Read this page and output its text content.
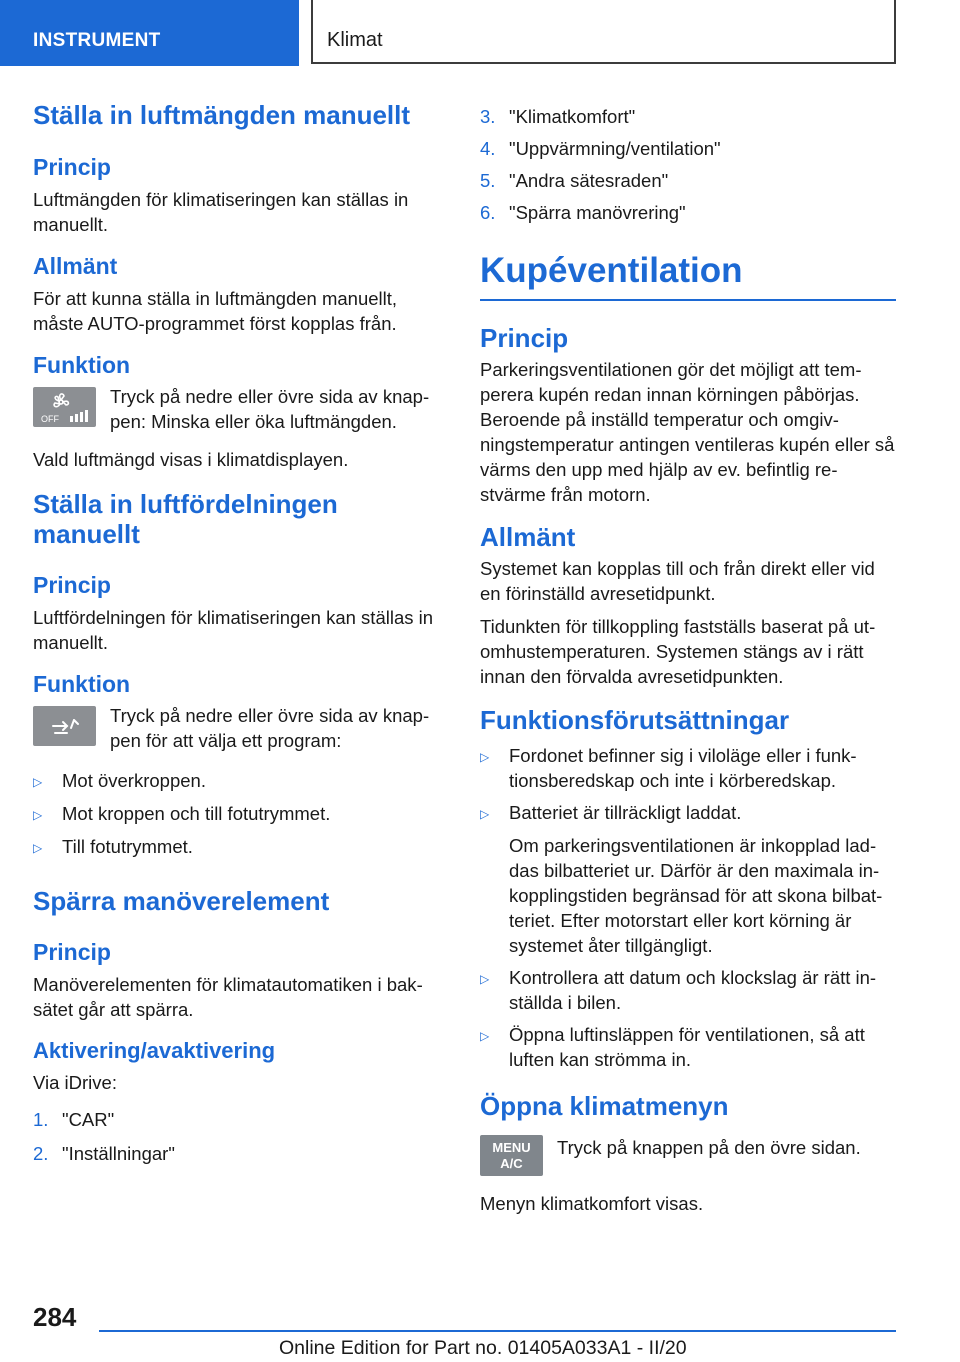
INSTRUMENT	Klimat
Ställa in luftmängden manuellt
Princip
Luftmängden för klimatiseringen kan ställas in manuellt.
Allmänt
För att kunna ställa in luftmängden manuellt, måste AUTO-programmet först kopplas från.
Funktion
OFF
Tryck på nedre eller övre sida av knappen: Minska eller öka luftmängden.
Vald luftmängd visas i klimatdisplayen.
Ställa in luftfördelningen manuellt
Princip
Luftfördelningen för klimatiseringen kan ställas in manuellt.
Funktion
Tryck på nedre eller övre sida av knappen för att välja ett program:
▷	Mot överkroppen.
▷	Mot kroppen och till fotutrymmet.
▷	Till fotutrymmet.
Spärra manöverelement
Princip
Manöverelementen för klimatautomatiken i baksätet går att spärra.
Aktivering/avaktivering
Via iDrive:
1. "CAR"
2. "Inställningar"
3. "Klimatkomfort"
4. "Uppvärmning/ventilation"
5. "Andra sätesraden"
6. "Spärra manövrering"
Kupéventilation
Princip
Parkeringsventilationen gör det möjligt att temperera kupén redan innan körningen påbörjas. Beroende på inställd temperatur och omgivningstemperatur antingen ventileras kupén eller så värms den upp med hjälp av ev. befintlig restvärme från motorn.
Allmänt
Systemet kan kopplas till och från direkt eller vid en förinställd avresetidpunkt.
Tidunkten för tillkoppling fastställs baserat på utomhustemperaturen. Systemen stängs av i rätt innan den förvalda avresetidpunkten.
Funktionsförutsättningar
▷	Fordonet befinner sig i viloläge eller i funktionsberedskap och inte i körberedskap.
▷	Batteriet är tillräckligt laddat.
Om parkeringsventilationen är inkopplad laddas bilbatteriet ur. Därför är den maximala inkopplingstiden begränsad för att skona bilbatteriet. Efter motorstart eller kort körning är systemet åter tillgängligt.
▷	Kontrollera att datum och klockslag är rätt inställda i bilen.
▷	Öppna luftinsläppen för ventilationen, så att luften kan strömma in.
Öppna klimatmenyn
MENU
A/C
Tryck på knappen på den övre sidan.
Menyn klimatkomfort visas.
284
Online Edition for Part no. 01405A033A1 - II/20
